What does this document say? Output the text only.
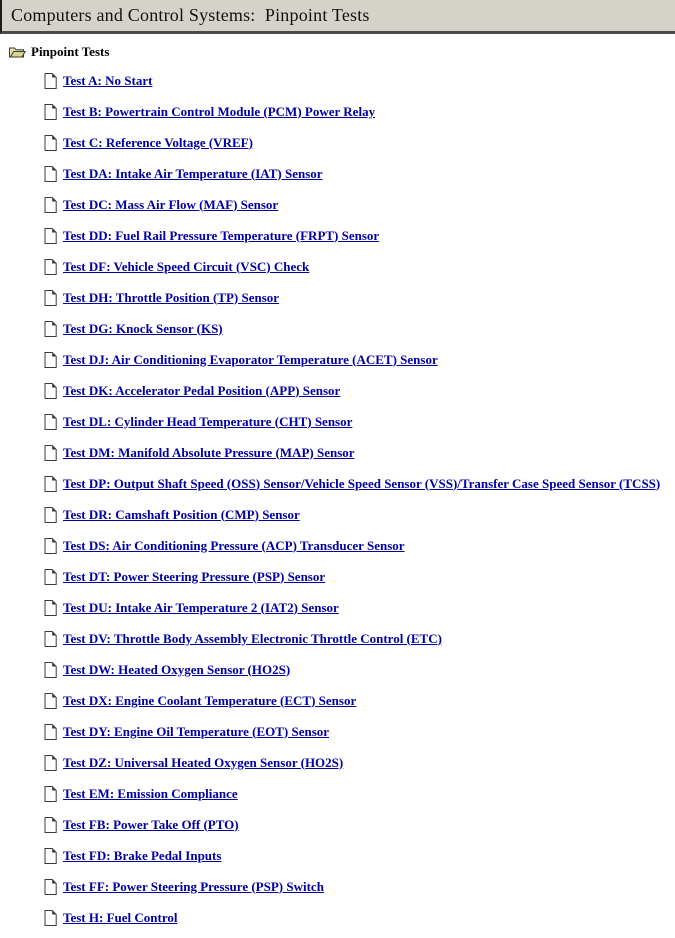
Computers and Control Systems:  Pinpoint Tests
Pinpoint Tests
Test A: No Start
Test B: Powertrain Control Module (PCM) Power Relay
Test C: Reference Voltage (VREF)
Test DA: Intake Air Temperature (IAT) Sensor
Test DC: Mass Air Flow (MAF) Sensor
Test DD: Fuel Rail Pressure Temperature (FRPT) Sensor
Test DF: Vehicle Speed Circuit (VSC) Check
Test DH: Throttle Position (TP) Sensor
Test DG: Knock Sensor (KS)
Test DJ: Air Conditioning Evaporator Temperature (ACET) Sensor
Test DK: Accelerator Pedal Position (APP) Sensor
Test DL: Cylinder Head Temperature (CHT) Sensor
Test DM: Manifold Absolute Pressure (MAP) Sensor
Test DP: Output Shaft Speed (OSS) Sensor/Vehicle Speed Sensor (VSS)/Transfer Case Speed Sensor (TCSS)
Test DR: Camshaft Position (CMP) Sensor
Test DS: Air Conditioning Pressure (ACP) Transducer Sensor
Test DT: Power Steering Pressure (PSP) Sensor
Test DU: Intake Air Temperature 2 (IAT2) Sensor
Test DV: Throttle Body Assembly Electronic Throttle Control (ETC)
Test DW: Heated Oxygen Sensor (HO2S)
Test DX: Engine Coolant Temperature (ECT) Sensor
Test DY: Engine Oil Temperature (EOT) Sensor
Test DZ: Universal Heated Oxygen Sensor (HO2S)
Test EM: Emission Compliance
Test FB: Power Take Off (PTO)
Test FD: Brake Pedal Inputs
Test FF: Power Steering Pressure (PSP) Switch
Test H: Fuel Control
